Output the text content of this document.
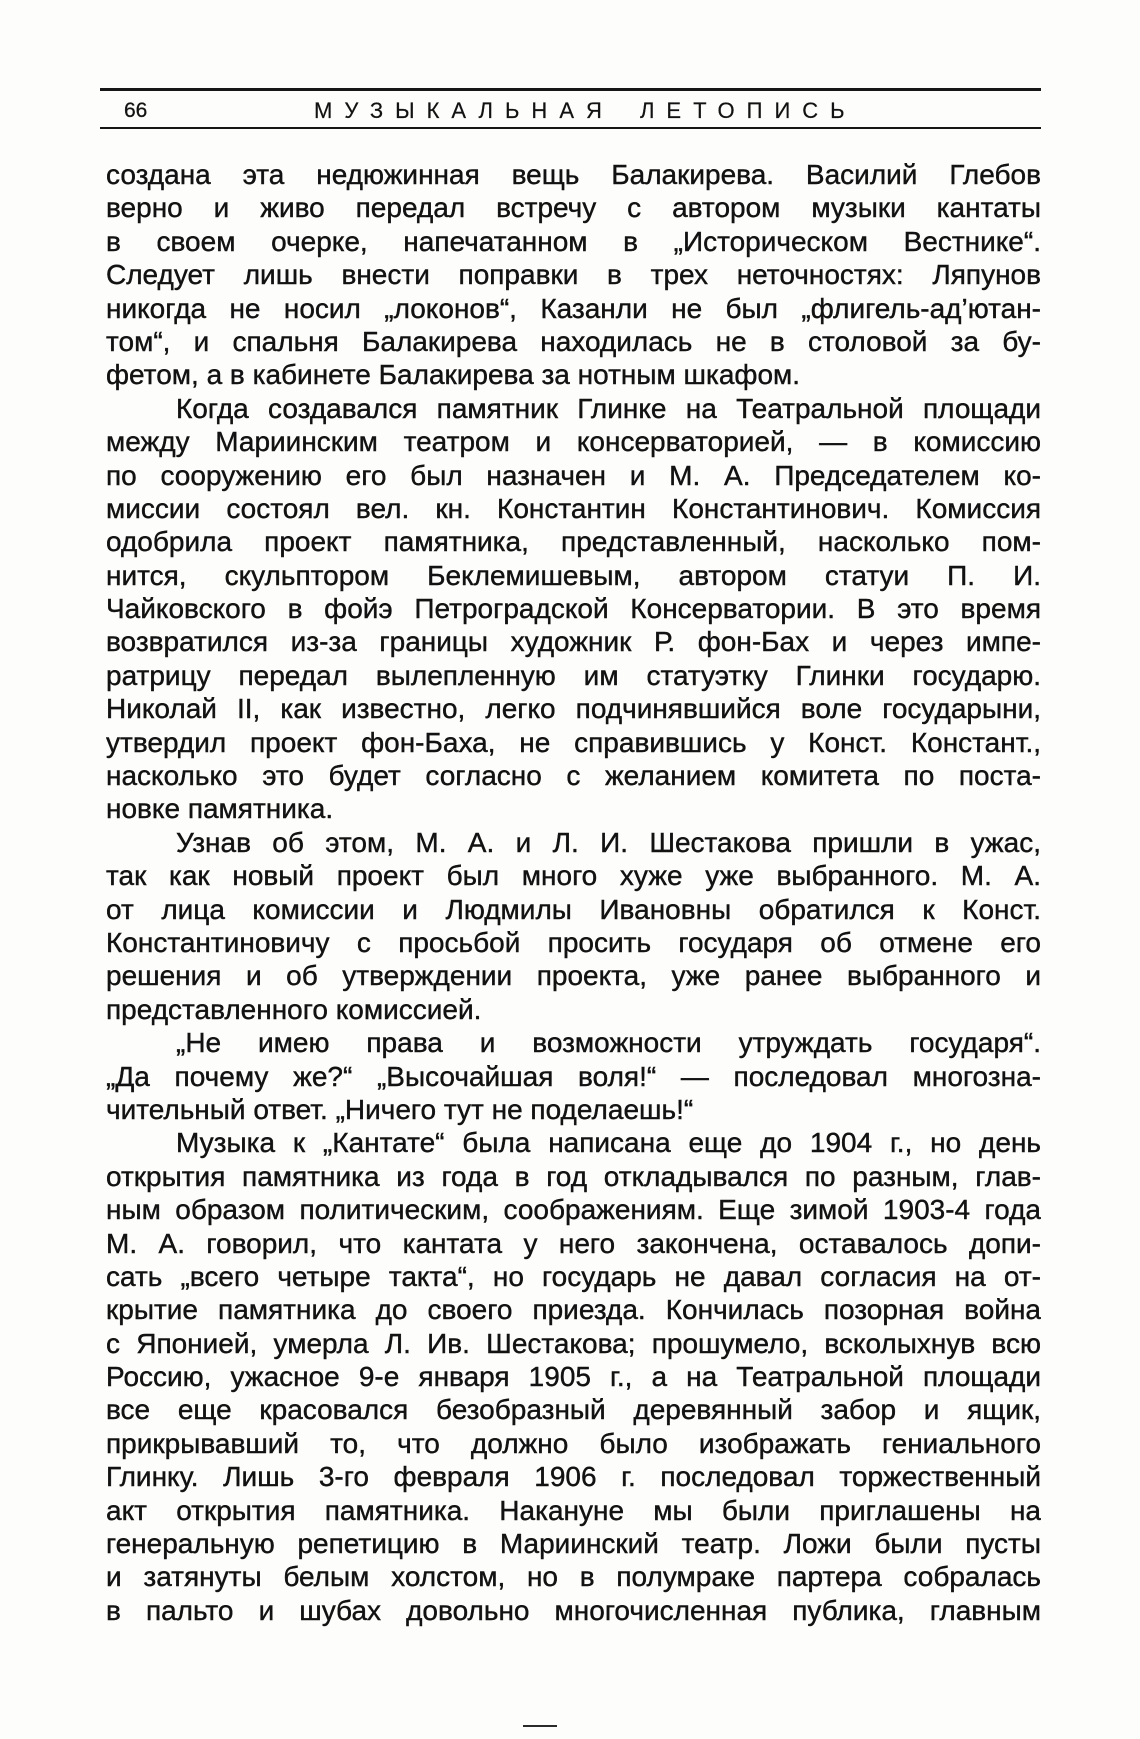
66	МУЗЫКАЛЬНАЯ ЛЕТОПИСЬ
создана эта недюжинная вещь Балакирева. Василий Глебов
верно и живо передал встречу с автором музыки кантаты
в своем очерке, напечатанном в „Историческом Вестнике“.
Следует лишь внести поправки в трех неточностях: Ляпунов
никогда не носил „локонов“, Казанли не был „флигель-ад’ютан-
том“, и спальня Балакирева находилась не в столовой за бу-
фетом, а в кабинете Балакирева за нотным шкафом.
Когда создавался памятник Глинке на Театральной площади
между Мариинским театром и консерваторией, — в комиссию
по сооружению его был назначен и М. А. Председателем ко-
миссии состоял вел. кн. Константин Константинович. Комиссия
одобрила проект памятника, представленный, насколько пом-
нится, скульптором Беклемишевым, автором статуи П. И.
Чайковского в фойэ Петроградской Консерватории. В это время
возвратился из-за границы художник Р. фон-Бах и через импе-
ратрицу передал вылепленную им статуэтку Глинки государю.
Николай II, как известно, легко подчинявшийся воле государыни,
утвердил проект фон-Баха, не справившись у Конст. Констант.,
насколько это будет согласно с желанием комитета по поста-
новке памятника.
Узнав об этом, М. А. и Л. И. Шестакова пришли в ужас,
так как новый проект был много хуже уже выбранного. М. А.
от лица комиссии и Людмилы Ивановны обратился к Конст.
Константиновичу с просьбой просить государя об отмене его
решения и об утверждении проекта, уже ранее выбранного и
представленного комиссией.
„Не имею права и возможности утруждать государя“.
„Да почему же?“ „Высочайшая воля!“ — последовал многозна-
чительный ответ. „Ничего тут не поделаешь!“
Музыка к „Кантате“ была написана еще до 1904 г., но день
открытия памятника из года в год откладывался по разным, глав-
ным образом политическим, соображениям. Еще зимой 1903-4 года
М. А. говорил, что кантата у него закончена, оставалось допи-
сать „всего четыре такта“, но государь не давал согласия на от-
крытие памятника до своего приезда. Кончилась позорная война
с Японией, умерла Л. Ив. Шестакова; прошумело, всколыхнув всю
Россию, ужасное 9-е января 1905 г., а на Театральной площади
все еще красовался безобразный деревянный забор и ящик,
прикрывавший то, что должно было изображать гениального
Глинку. Лишь 3-го февраля 1906 г. последовал торжественный
акт открытия памятника. Накануне мы были приглашены на
генеральную репетицию в Мариинский театр. Ложи были пусты
и затянуты белым холстом, но в полумраке партера собралась
в пальто и шубах довольно многочисленная публика, главным
